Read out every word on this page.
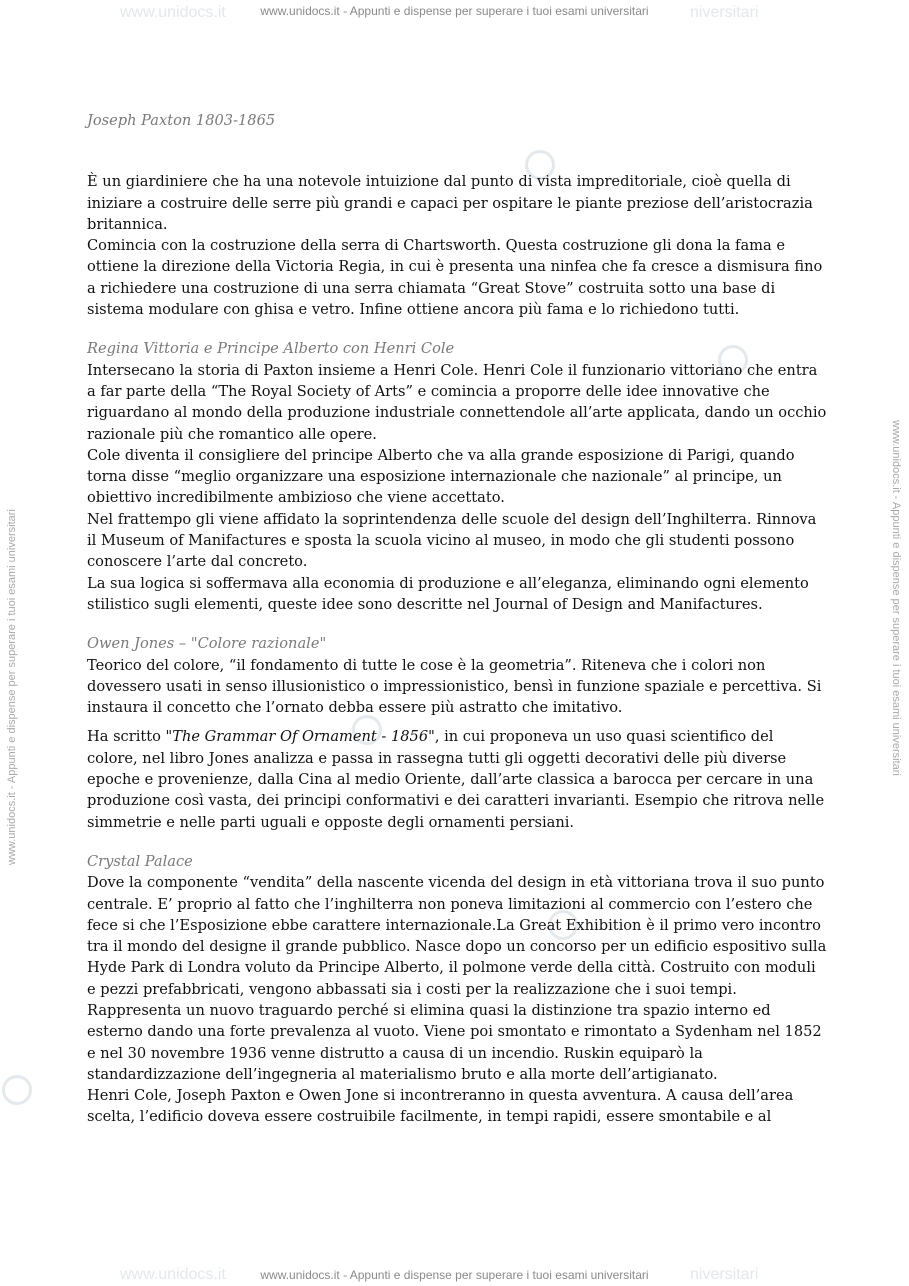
www.unidocs.it	niversitari
www.unidocs.it - Appunti e dispense per superare i tuoi esami universitari
www.unidocs.it - Appunti e dispense per superare i tuoi esami universitari	www.unidocs.it - Appunti e dispense per superare i tuoi esami universitari

Joseph Paxton 1803-1865

È un giardiniere che ha una notevole intuizione dal punto di vista impreditoriale, cioè quella di iniziare a costruire delle serre più grandi e capaci per ospitare le piante preziose dell’aristocrazia britannica.

Comincia con la costruzione della serra di Chartsworth. Questa costruzione gli dona la fama e ottiene la direzione della Victoria Regia, in cui è presenta una ninfea che fa cresce a dismisura fino a richiedere una costruzione di una serra chiamata “Great Stove” costruita sotto una base di sistema modulare con ghisa e vetro. Infine ottiene ancora più fama e lo richiedono tutti.

Regina Vittoria e Principe Alberto con Henri Cole

Intersecano la storia di Paxton insieme a Henri Cole. Henri Cole il funzionario vittoriano che entra a far parte della “The Royal Society of Arts” e comincia a proporre delle idee innovative che riguardano al mondo della produzione industriale connettendole all’arte applicata, dando un occhio razionale più che romantico alle opere.

Cole diventa il consigliere del principe Alberto che va alla grande esposizione di Parigi, quando torna disse “meglio organizzare una esposizione internazionale che nazionale” al principe, un obiettivo incredibilmente ambizioso che viene accettato.

Nel frattempo gli viene affidato la soprintendenza delle scuole del design dell’Inghilterra. Rinnova il Museum of Manifactures e sposta la scuola vicino al museo, in modo che gli studenti possono conoscere l’arte dal concreto.

La sua logica si soffermava alla economia di produzione e all’eleganza, eliminando ogni elemento stilistico sugli elementi, queste idee sono descritte nel Journal of Design and Manifactures.

Owen Jones – "Colore razionale"

Teorico del colore, “il fondamento di tutte le cose è la geometria”. Riteneva che i colori non dovessero usati in senso illusionistico o impressionistico, bensì in funzione spaziale e percettiva. Si instaura il concetto che l’ornato debba essere più astratto che imitativo.

Ha scritto "The Grammar Of Ornament - 1856", in cui proponeva un uso quasi scientifico del colore, nel libro Jones analizza e passa in rassegna tutti gli oggetti decorativi delle più diverse epoche e provenienze, dalla Cina al medio Oriente, dall’arte classica a barocca per cercare in una produzione così vasta, dei principi conformativi e dei caratteri invarianti. Esempio che ritrova nelle simmetrie e nelle parti uguali e opposte degli ornamenti persiani.

Crystal Palace

Dove la componente “vendita” della nascente vicenda del design in età vittoriana trova il suo punto centrale. E’ proprio al fatto che l’inghilterra non poneva limitazioni al commercio con l’estero che fece si che l’Esposizione ebbe carattere internazionale.La Great Exhibition è il primo vero incontro tra il mondo del designe il grande pubblico. Nasce dopo un concorso per un edificio espositivo sulla Hyde Park di Londra voluto da Principe Alberto, il polmone verde della città. Costruito con moduli e pezzi prefabbricati, vengono abbassati sia i costi per la realizzazione che i suoi tempi. Rappresenta un nuovo traguardo perché si elimina quasi la distinzione tra spazio interno ed esterno dando una forte prevalenza al vuoto. Viene poi smontato e rimontato a Sydenham nel 1852 e nel 30 novembre 1936 venne distrutto a causa di un incendio. Ruskin equiparò la standardizzazione dell’ingegneria al materialismo bruto e alla morte dell’artigianato.

Henri Cole, Joseph Paxton e Owen Jone si incontreranno in questa avventura. A causa dell’area scelta, l’edificio doveva essere costruibile facilmente, in tempi rapidi, essere smontabile e al

www.unidocs.it	niversitari
www.unidocs.it - Appunti e dispense per superare i tuoi esami universitari
